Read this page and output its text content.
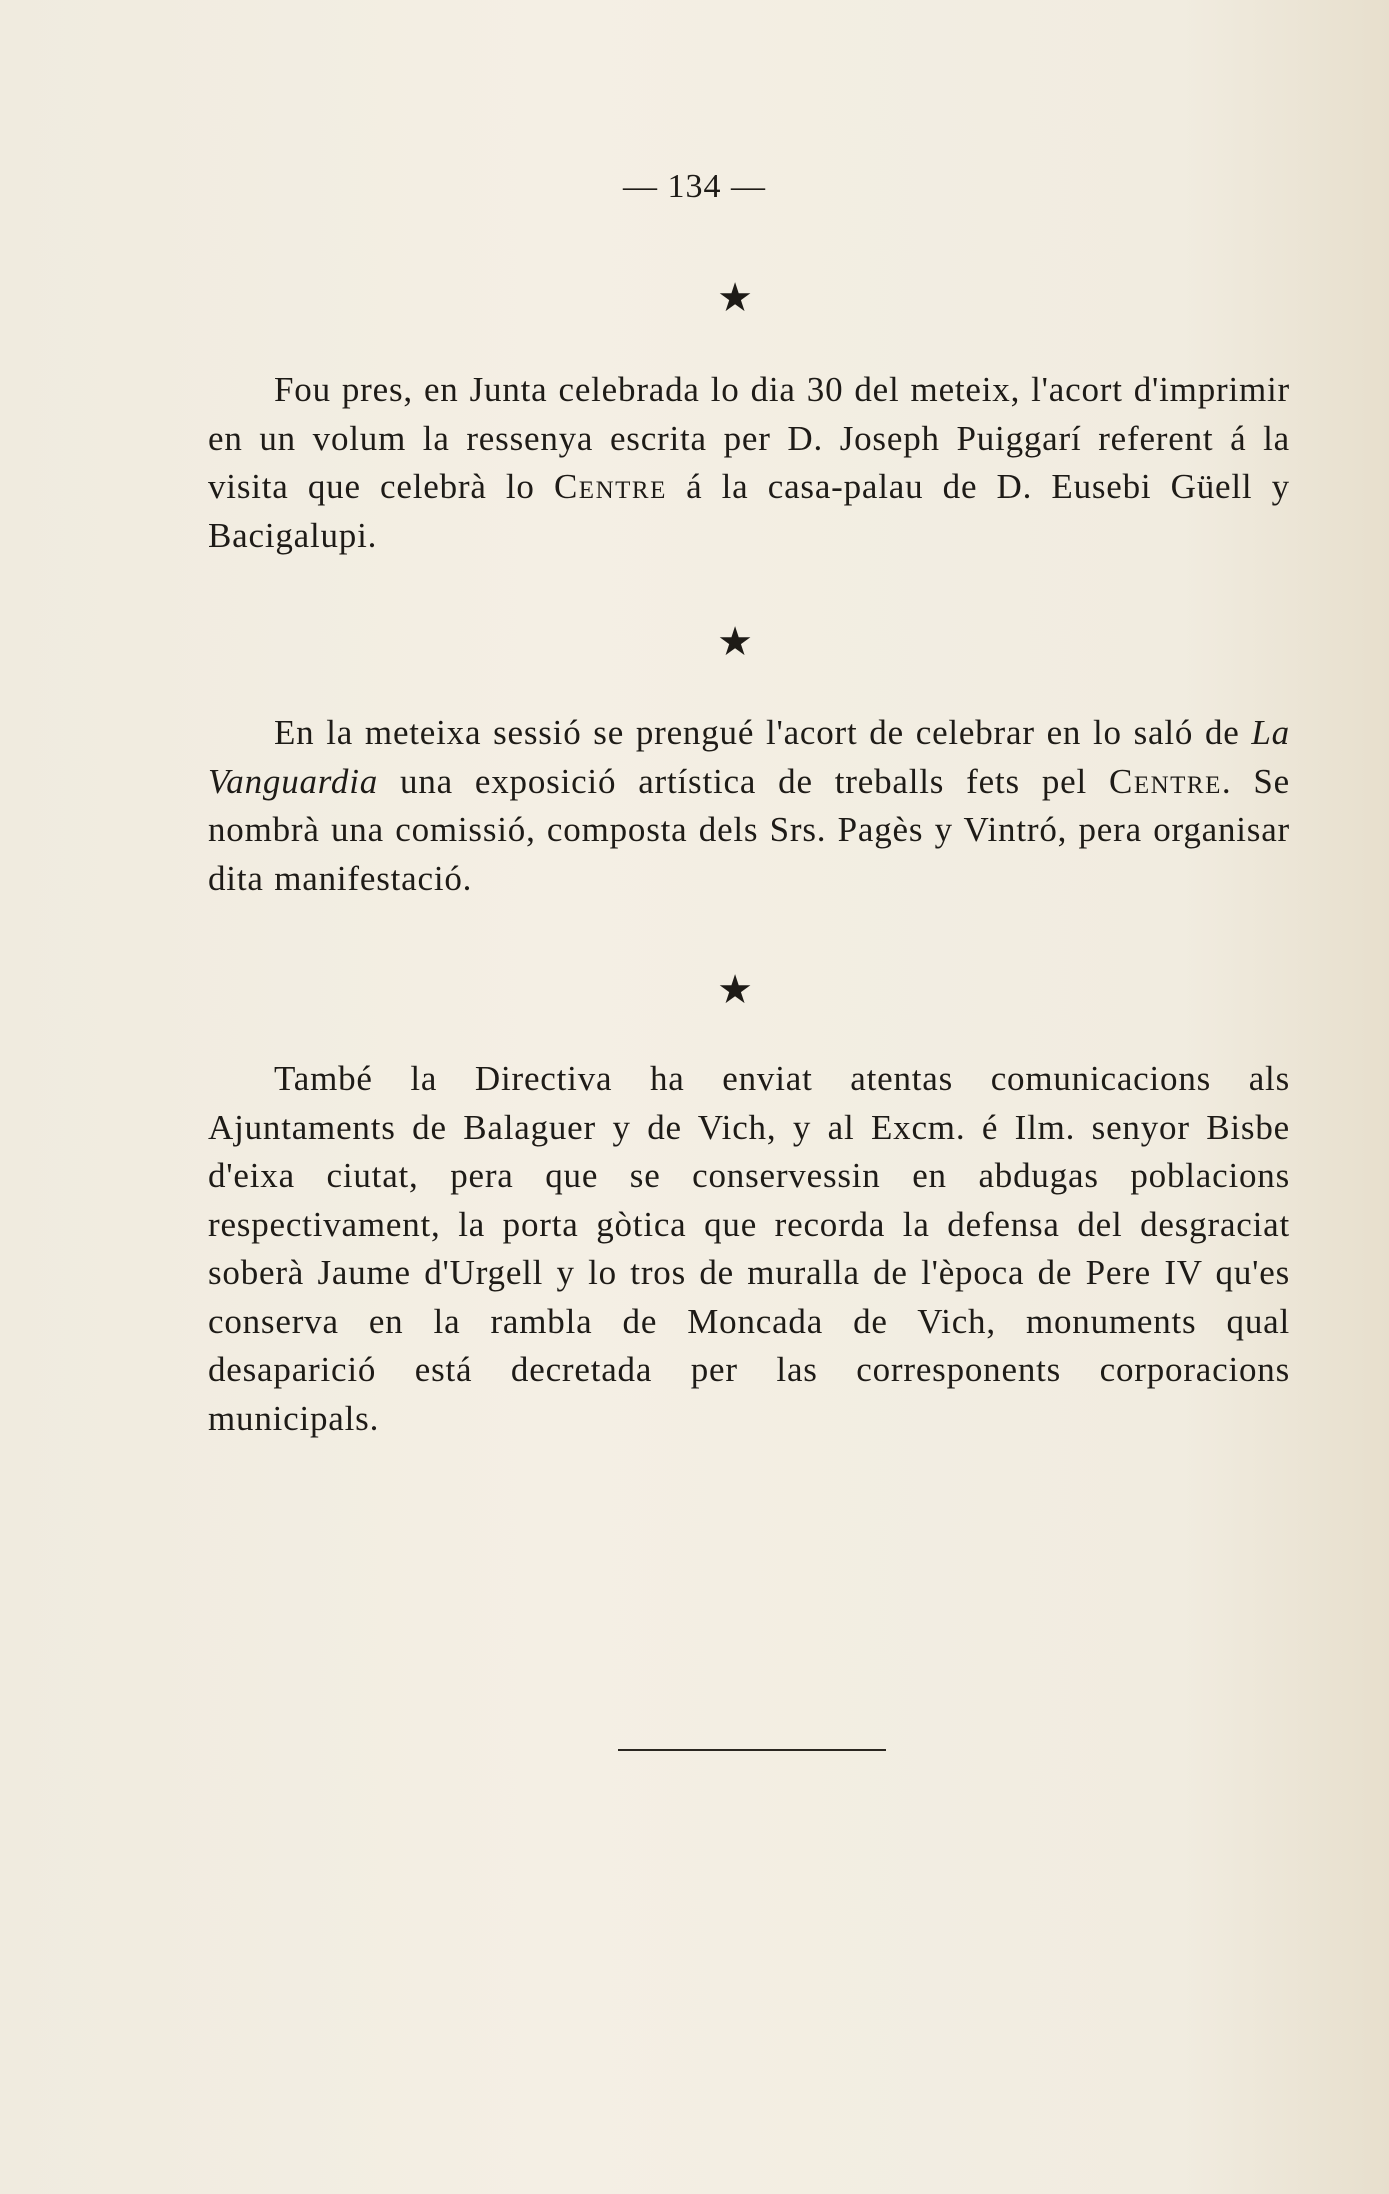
— 134 —
★

Fou pres, en Junta celebrada lo dia 30 del meteix, l'acort d'imprimir en un volum la ressenya escrita per D. Joseph Puiggarí referent á la visita que celebrà lo Centre á la casa-palau de D. Eusebi Güell y Bacigalupi.

★

En la meteixa sessió se prengué l'acort de celebrar en lo saló de La Vanguardia una exposició artística de treballs fets pel Centre. Se nombrà una comissió, composta dels Srs. Pagès y Vintró, pera organisar dita manifestació.

★

També la Directiva ha enviat atentas comunicacions als Ajuntaments de Balaguer y de Vich, y al Excm. é Ilm. senyor Bisbe d'eixa ciutat, pera que se conservessin en abdugas poblacions respectivament, la porta gòtica que recorda la defensa del desgraciat soberà Jaume d'Urgell y lo tros de muralla de l'època de Pere IV qu'es conserva en la rambla de Moncada de Vich, monuments qual desaparició está decretada per las corresponents corporacions municipals.
